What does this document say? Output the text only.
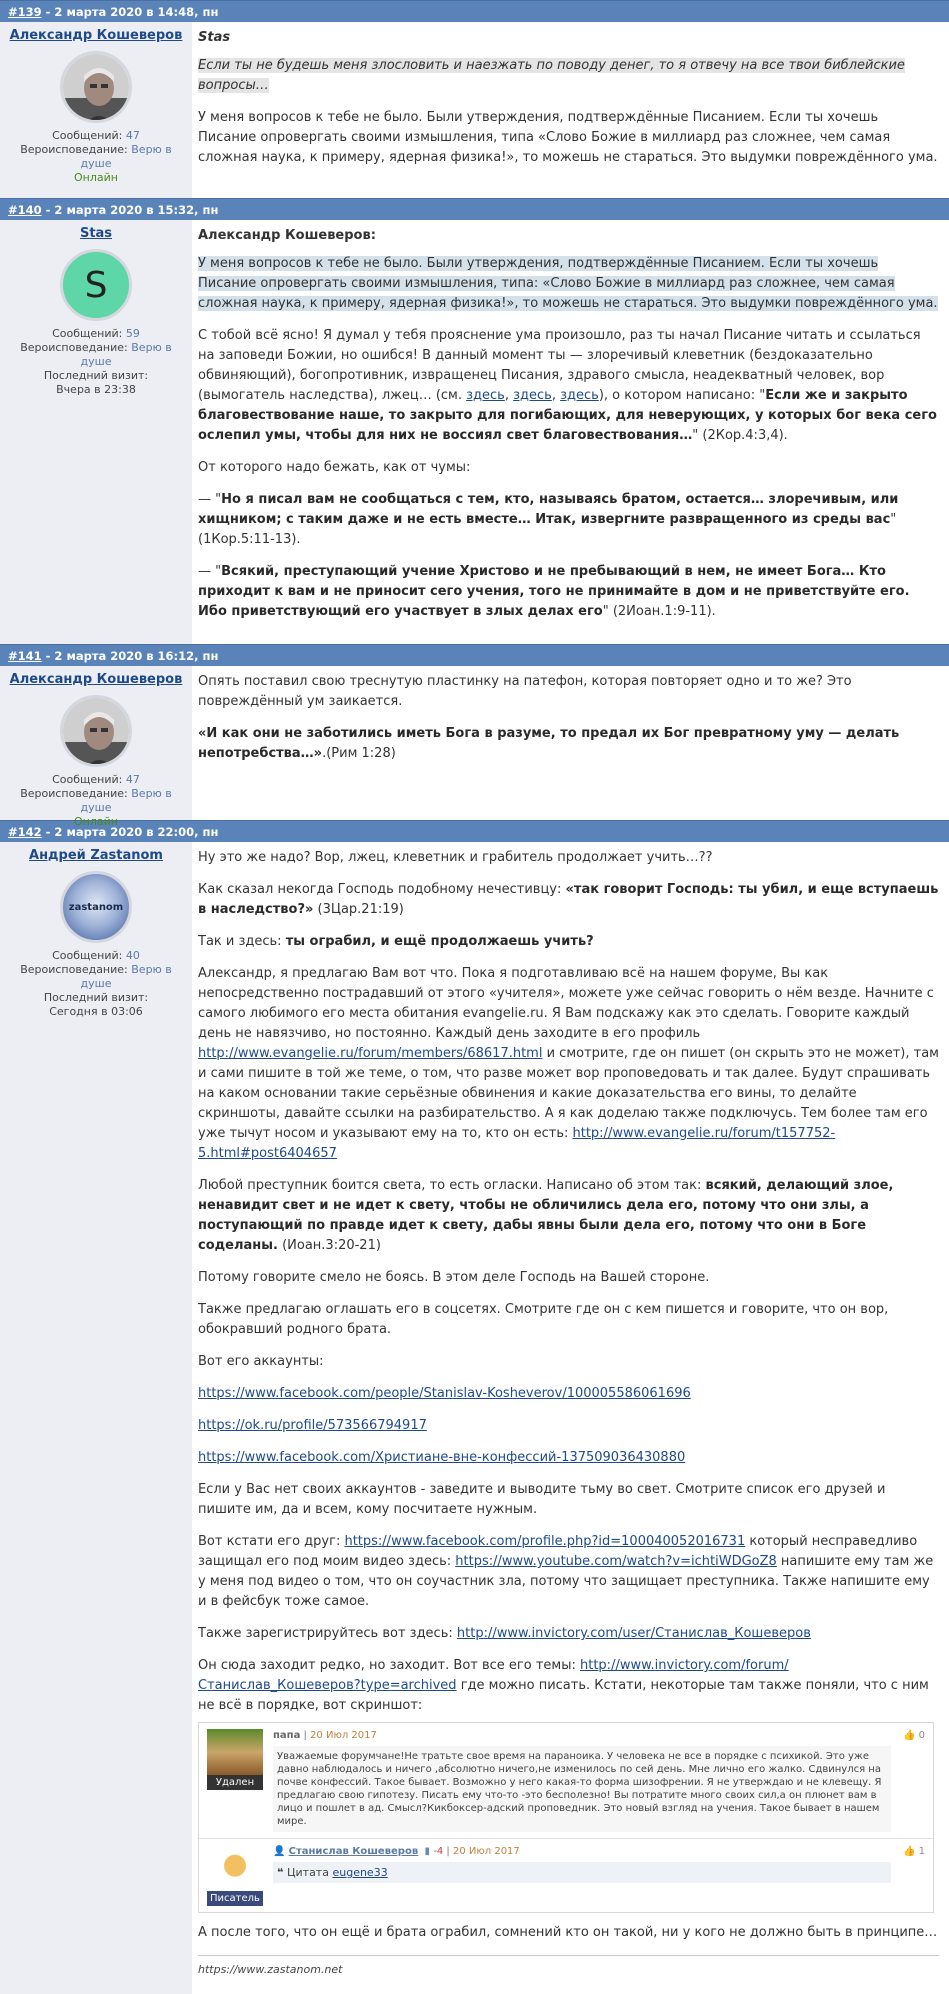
#139 - 2 марта 2020 в 14:48, пн
Александр Кошеверов
Сообщений: 47
Вероисповедание: Верю в душе
Онлайн

Stas

Если ты не будешь меня злословить и наезжать по поводу денег, то я отвечу на все твои библейские вопросы…

У меня вопросов к тебе не было. Были утверждения, подтверждённые Писанием. Если ты хочешь Писание опровергать своими измышления, типа «Слово Божие в миллиард раз сложнее, чем самая сложная наука, к примеру, ядерная физика!», то можешь не стараться. Это выдумки повреждённого ума.

#140 - 2 марта 2020 в 15:32, пн
Stas
S
Сообщений: 59
Вероисповедание: Верю в душе
Последний визит:
Вчера в 23:38

Александр Кошеверов:

У меня вопросов к тебе не было. Были утверждения, подтверждённые Писанием. Если ты хочешь Писание опровергать своими измышления, типа: «Слово Божие в миллиард раз сложнее, чем самая сложная наука, к примеру, ядерная физика!», то можешь не стараться. Это выдумки повреждённого ума.

С тобой всё ясно! Я думал у тебя прояснение ума произошло, раз ты начал Писание читать и ссылаться на заповеди Божии, но ошибся! В данный момент ты — злоречивый клеветник (бездоказательно обвиняющий), богопротивник, извращенец Писания, здравого смысла, неадекватный человек, вор (вымогатель наследства), лжец… (см. здесь, здесь, здесь), о котором написано: "Если же и закрыто благовествование наше, то закрыто для погибающих, для неверующих, у которых бог века сего ослепил умы, чтобы для них не воссиял свет благовествования…" (2Кор.4:3,4).

От которого надо бежать, как от чумы:

— "Но я писал вам не сообщаться с тем, кто, называясь братом, остается… злоречивым, или хищником; с таким даже и не есть вместе… Итак, извергните развращенного из среды вас" (1Кор.5:11-13).

— "Всякий, преступающий учение Христово и не пребывающий в нем, не имеет Бога… Кто приходит к вам и не приносит сего учения, того не принимайте в дом и не приветствуйте его. Ибо приветствующий его участвует в злых делах его" (2Иоан.1:9-11).

#141 - 2 марта 2020 в 16:12, пн
Александр Кошеверов
Сообщений: 47
Вероисповедание: Верю в душе

Опять поставил свою треснутую пластинку на патефон, которая повторяет одно и то же? Это повреждённый ум заикается.

«И как они не заботились иметь Бога в разуме, то предал их Бог превратному уму — делать непотребства…».(Рим 1:28)

#142 - 2 марта 2020 в 22:00, пн
Андрей Zastanom
zastanom
Сообщений: 40
Вероисповедание: Верю в душе
Последний визит:
Сегодня в 03:06

Ну это же надо? Вор, лжец, клеветник и грабитель продолжает учить…??

Как сказал некогда Господь подобному нечестивцу: «так говорит Господь: ты убил, и еще вступаешь в наследство?» (3Цар.21:19)

Так и здесь: ты ограбил, и ещё продолжаешь учить?

Александр, я предлагаю Вам вот что. Пока я подготавливаю всё на нашем форуме, Вы как непосредственно пострадавший от этого «учителя», можете уже сейчас говорить о нём везде. Начните с самого любимого его места обитания evangelie.ru. Я Вам подскажу как это сделать. Говорите каждый день не навязчиво, но постоянно. Каждый день заходите в его профиль http://www.evangelie.ru/forum/members/68617.html и смотрите, где он пишет (он скрыть это не может), там и сами пишите в той же теме, о том, что разве может вор проповедовать и так далее. Будут спрашивать на каком основании такие серьёзные обвинения и какие доказательства его вины, то делайте скриншоты, давайте ссылки на разбирательство. А я как доделаю также подключусь. Тем более там его уже тычут носом и указывают ему на то, кто он есть: http://www.evangelie.ru/forum/t157752-5.html#post6404657

Любой преступник боится света, то есть огласки. Написано об этом так: всякий, делающий злое, ненавидит свет и не идет к свету, чтобы не обличились дела его, потому что они злы, а поступающий по правде идет к свету, дабы явны были дела его, потому что они в Боге соделаны. (Иоан.3:20-21)

Потому говорите смело не боясь. В этом деле Господь на Вашей стороне.

Также предлагаю оглашать его в соцсетях. Смотрите где он с кем пишется и говорите, что он вор, обокравший родного брата.

Вот его аккаунты:

https://www.facebook.com/people/Stanislav-Kosheverov/100005586061696

https://ok.ru/profile/573566794917

https://www.facebook.com/Христиане-вне-конфессий-137509036430880

Если у Вас нет своих аккаунтов - заведите и выводите тьму во свет. Смотрите список его друзей и пишите им, да и всем, кому посчитаете нужным.

Вот кстати его друг: https://www.facebook.com/profile.php?id=100040052016731 который несправедливо защищал его под моим видео здесь: https://www.youtube.com/watch?v=ichtiWDGoZ8 напишите ему там же у меня под видео о том, что он соучастник зла, потому что защищает преступника. Также напишите ему и в фейсбук тоже самое.

Также зарегистрируйтесь вот здесь: http://www.invictory.com/user/Станислав_Кошеверов

Он сюда заходит редко, но заходит. Вот все его темы: http://www.invictory.com/forum/Станислав_Кошеверов?type=archived где можно писать. Кстати, некоторые там также поняли, что с ним не всё в порядке, вот скриншот:

Удален
папа | 20 Июл 2017
Уважаемые форумчане!Не тратьте свое время на параноика. У человека не все в порядке с психикой. Это уже давно наблюдалось и ничего ,абсолютно ничего,не изменилось по сей день. Мне лично его жалко. Сдвинулся на почве конфессий. Такое бывает. Возможно у него какая-то форма шизофрении. Я не утверждаю и не клевещу. Я предлагаю свою гипотезу. Писать ему что-то -это бесполезно! Вы потратите много своих сил,а он плюнет вам в лицо и пошлет в ад. Смысл?Кикбоксер-адский проповедник. Это новый взгляд на учения. Такое бывает в нашем мире.
👍 0
Писатель
👤 Станислав Кошеверов ▮ -4 | 20 Июл 2017
❝ Цитата eugene33
👍 1

А после того, что он ещё и брата ограбил, сомнений кто он такой, ни у кого не должно быть в принципе…

https://www.zastanom.net
